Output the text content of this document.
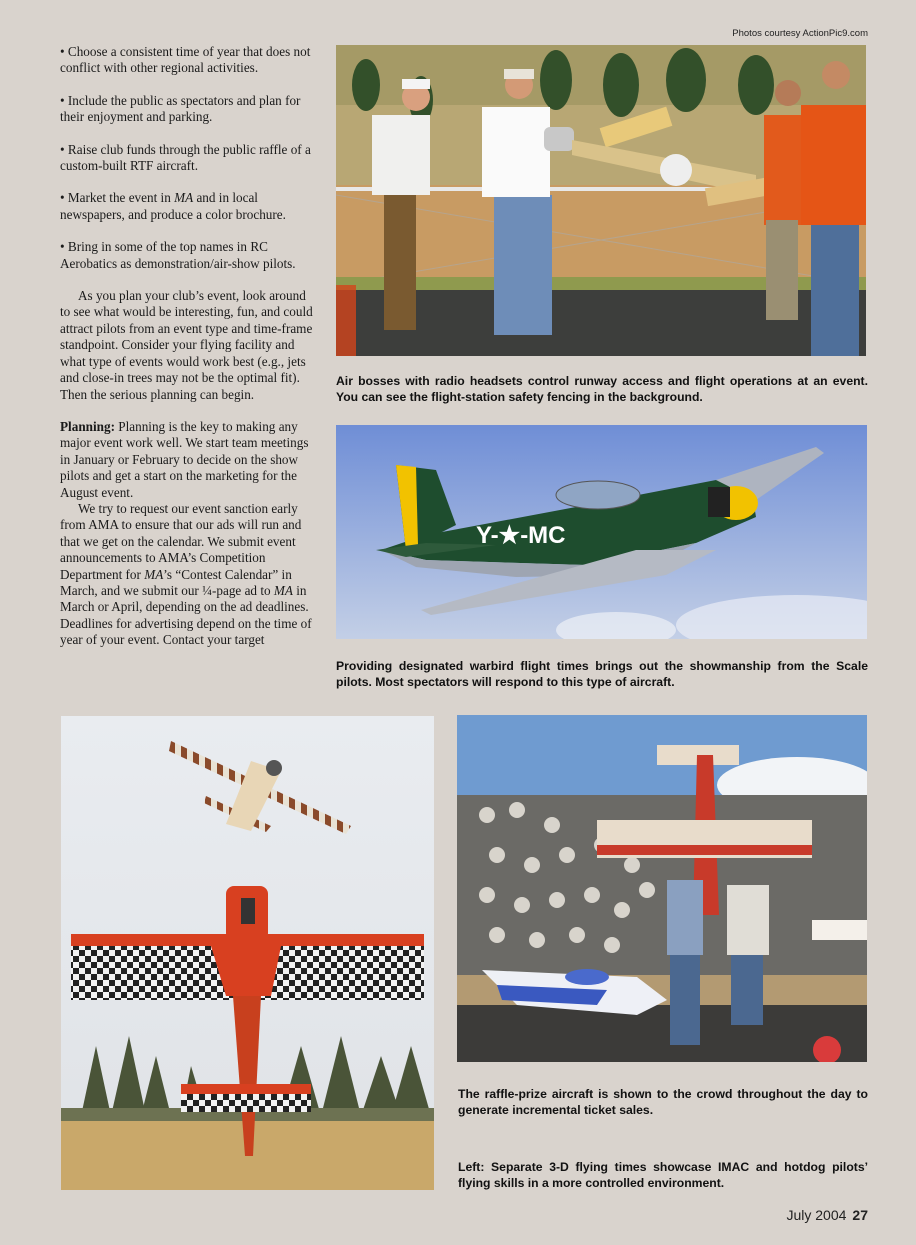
Photos courtesy ActionPic9.com

• Choose a consistent time of year that does not conflict with other regional activities.

• Include the public as spectators and plan for their enjoyment and parking.

• Raise club funds through the public raffle of a custom-built RTF aircraft.

• Market the event in MA and in local newspapers, and produce a color brochure.

• Bring in some of the top names in RC Aerobatics as demonstration/air-show pilots.

As you plan your club’s event, look around to see what would be interesting, fun, and could attract pilots from an event type and time-frame standpoint. Consider your flying facility and what type of events would work best (e.g., jets and close-in trees may not be the optimal fit). Then the serious planning can begin.

Planning: Planning is the key to making any major event work well. We start team meetings in January or February to decide on the show pilots and get a start on the marketing for the August event.

We try to request our event sanction early from AMA to ensure that our ads will run and that we get on the calendar. We submit event announcements to AMA’s Competition Department for MA’s “Contest Calendar” in March, and we submit our ¼-page ad to MA in March or April, depending on the ad deadlines. Deadlines for advertising depend on the time of year of your event. Contact your target

Air bosses with radio headsets control runway access and flight operations at an event. You can see the flight-station safety fencing in the background.
Y-★-MC
Providing designated warbird flight times brings out the showmanship from the Scale pilots. Most spectators will respond to this type of aircraft.
The raffle-prize aircraft is shown to the crowd throughout the day to generate incremental ticket sales.
Left: Separate 3-D flying times showcase IMAC and hotdog pilots’ flying skills in a more controlled environment.
July 2004 27
